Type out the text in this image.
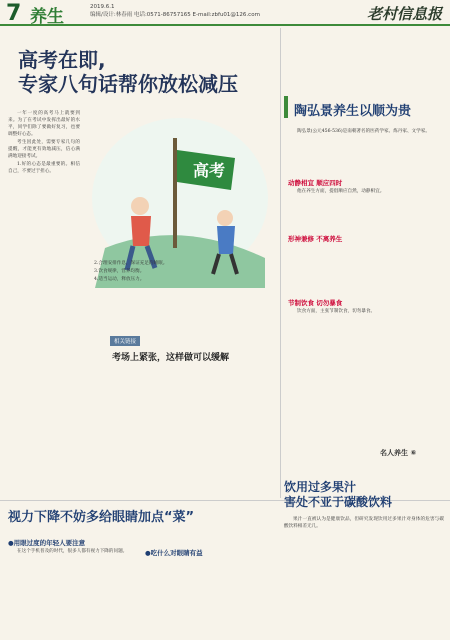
7 养生	2019.6.1
编辑/设计:林春雨 电话:0571-86757165 E-mail:zbfu01@126.com	老村信息报
高考在即,
专家八句话帮你放松减压
高考

一年一度的高考马上就要到来。为了在考试中发挥出最好的水平，同学们除了要做好复习，也要调整好心态。

考生因此处，需要专家几句的提醒，才能更有效地减压，信心满满地迎接考试。

1.好的心态是最重要的。相信自己，不要过于担心。

2.合理安排作息，保证充足的睡眠。

3.饮食规律，营养均衡。

4.适当运动，释放压力。

陶弘景养生以顺为贵

陶弘景(公元456-536)是南朝著名的医药学家、炼丹家、文学家。

动静相宜 顺应四时

他在养生方面，提倡顺应自然，动静相宜。

形神兼修 不离养生
节制饮食 切勿暴食

饮食方面，主张节制饮食，切勿暴食。

名人养生 ⑥
相关链接
考场上紧张，这样做可以缓解
视力下降不妨多给眼睛加点“菜”
●用眼过度的年轻人要注意

在这个手机普及的时代，很多人都有视力下降的问题。	●吃什么对眼睛有益
饮用过多果汁
害处不亚于碳酸饮料

果汁一直被认为是健康饮品，但研究发现饮用过多果汁对身体的危害与碳酸饮料相差无几。
